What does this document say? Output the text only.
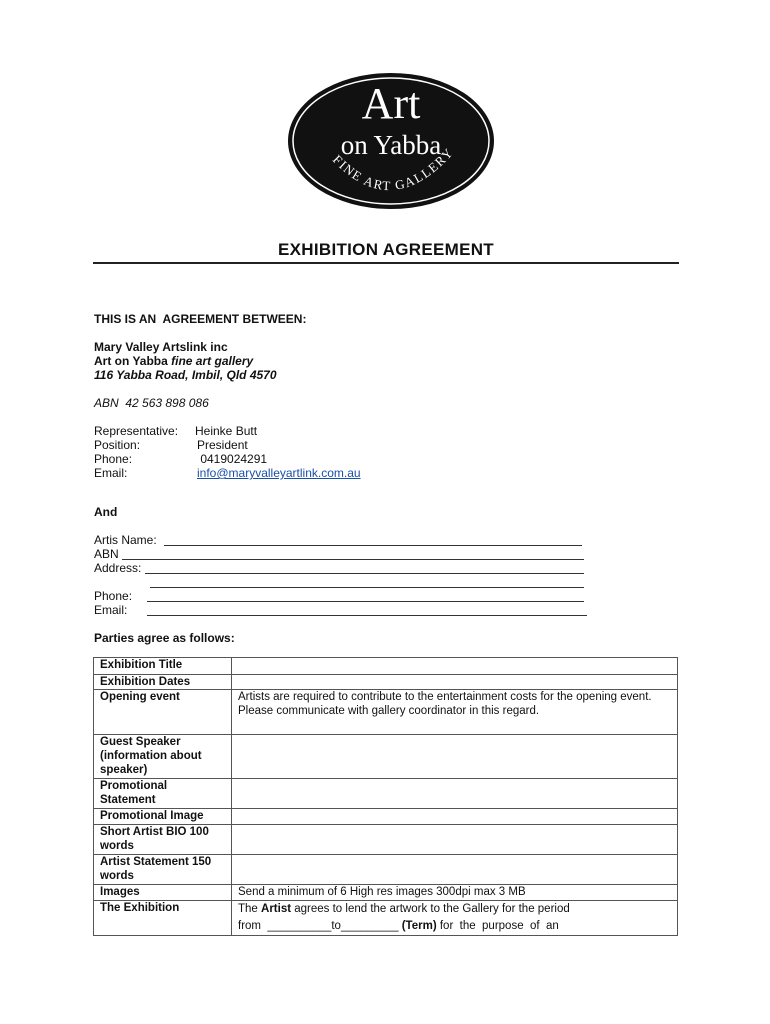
Art
on Yabba
FINE ART GALLERY
EXHIBITION AGREEMENT
THIS IS AN  AGREEMENT BETWEEN:
Mary Valley Artslink inc
Art on Yabba fine art gallery
116 Yabba Road, Imbil, Qld 4570
ABN  42 563 898 086
Representative: Heinke Butt
Position:	President
Phone:	0419024291
Email:	info@maryvalleyartlink.com.au
And
Artis Name:
ABN
Address:
Phone:
Email:
Parties agree as follows:
Exhibition Title	
Exhibition Dates	
Opening event	Artists are required to contribute to the entertainment costs for the opening event. Please communicate with gallery coordinator in this regard.
Guest Speaker (information about speaker)	
Promotional Statement	
Promotional Image	
Short Artist BIO 100 words	
Artist Statement 150 words	
Images	Send a minimum of 6 High res images 300dpi max 3 MB
The Exhibition	The Artist agrees to lend the artwork to the Gallery for the period
from  __________to_________ (Term) for  the  purpose  of  an
